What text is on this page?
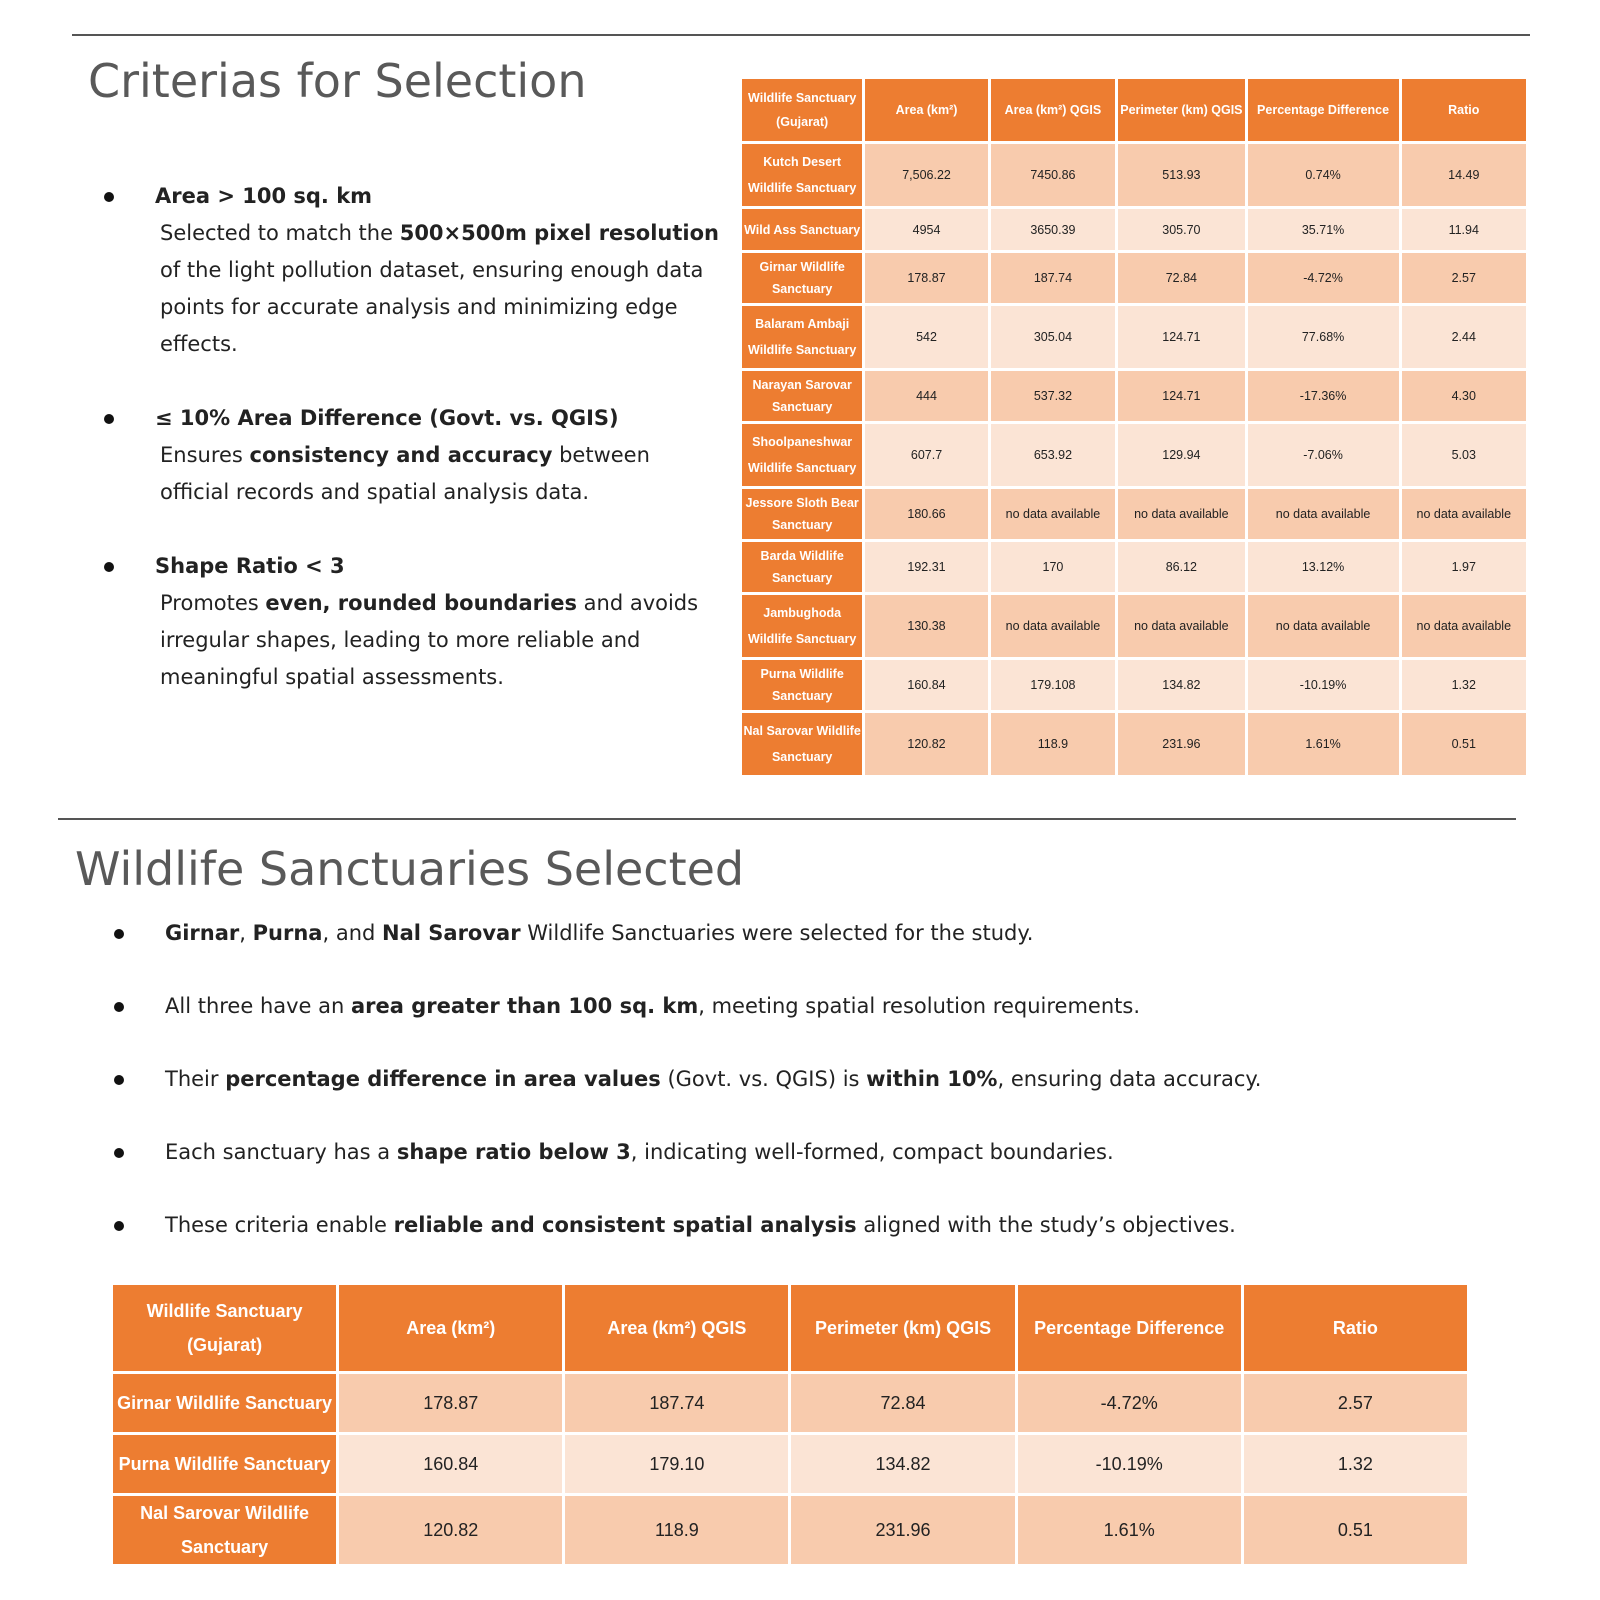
Criterias for Selection
Area > 100 sq. km
Selected to match the 500×500m pixel resolution of the light pollution dataset, ensuring enough data points for accurate analysis and minimizing edge effects.
≤ 10% Area Difference (Govt. vs. QGIS)
Ensures consistency and accuracy between official records and spatial analysis data.
Shape Ratio < 3
Promotes even, rounded boundaries and avoids irregular shapes, leading to more reliable and meaningful spatial assessments.
Wildlife Sanctuary (Gujarat)	Area (km²)	Area (km²) QGIS	Perimeter (km) QGIS	Percentage Difference	Ratio
Kutch Desert Wildlife Sanctuary	7,506.22	7450.86	513.93	0.74%	14.49
Wild Ass Sanctuary	4954	3650.39	305.70	35.71%	11.94
Girnar Wildlife Sanctuary	178.87	187.74	72.84	-4.72%	2.57
Balaram Ambaji Wildlife Sanctuary	542	305.04	124.71	77.68%	2.44
Narayan Sarovar Sanctuary	444	537.32	124.71	-17.36%	4.30
Shoolpaneshwar Wildlife Sanctuary	607.7	653.92	129.94	-7.06%	5.03
Jessore Sloth Bear Sanctuary	180.66	no data available	no data available	no data available	no data available
Barda Wildlife Sanctuary	192.31	170	86.12	13.12%	1.97
Jambughoda Wildlife Sanctuary	130.38	no data available	no data available	no data available	no data available
Purna Wildlife Sanctuary	160.84	179.108	134.82	-10.19%	1.32
Nal Sarovar Wildlife Sanctuary	120.82	118.9	231.96	1.61%	0.51
Wildlife Sanctuaries Selected
Girnar, Purna, and Nal Sarovar Wildlife Sanctuaries were selected for the study.
All three have an area greater than 100 sq. km, meeting spatial resolution requirements.
Their percentage difference in area values (Govt. vs. QGIS) is within 10%, ensuring data accuracy.
Each sanctuary has a shape ratio below 3, indicating well-formed, compact boundaries.
These criteria enable reliable and consistent spatial analysis aligned with the study’s objectives.
Wildlife Sanctuary (Gujarat)	Area (km²)	Area (km²) QGIS	Perimeter (km) QGIS	Percentage Difference	Ratio
Girnar Wildlife Sanctuary	178.87	187.74	72.84	-4.72%	2.57
Purna Wildlife Sanctuary	160.84	179.10	134.82	-10.19%	1.32
Nal Sarovar Wildlife Sanctuary	120.82	118.9	231.96	1.61%	0.51
